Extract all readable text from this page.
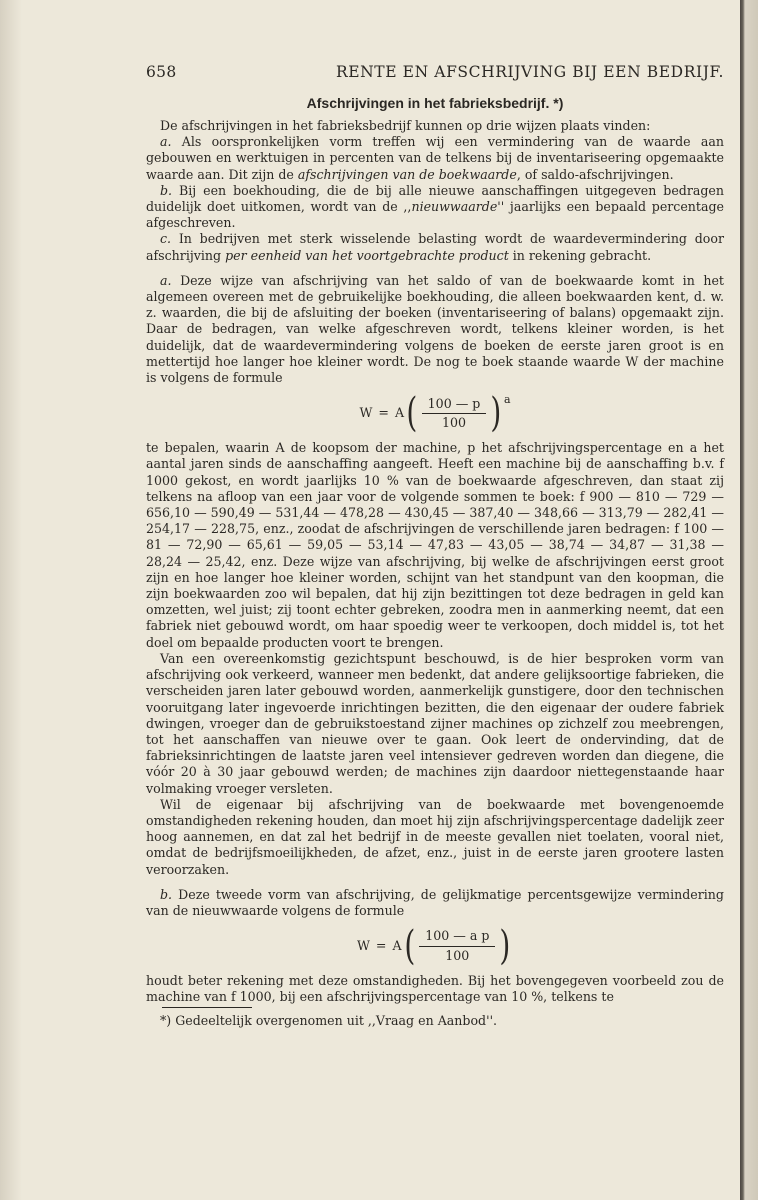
658	RENTE EN AFSCHRIJVING BIJ EEN BEDRIJF.
Afschrijvingen in het fabrieksbedrijf. *)

De afschrijvingen in het fabrieksbedrijf kunnen op drie wijzen plaats vinden:

a. Als oorspronkelijken vorm treffen wij een vermindering van de waarde aan gebouwen en werktuigen in percenten van de telkens bij de inventariseering opgemaakte waarde aan. Dit zijn de afschrijvingen van de boekwaarde, of saldo-afschrijvingen.

b. Bij een boekhouding, die de bij alle nieuwe aanschaffingen uitgegeven bedragen duidelijk doet uitkomen, wordt van de ,,nieuwwaarde'' jaarlijks een bepaald percentage afgeschreven.

c. In bedrijven met sterk wisselende belasting wordt de waardevermindering door afschrijving per eenheid van het voortgebrachte product in rekening gebracht.

a. Deze wijze van afschrijving van het saldo of van de boekwaarde komt in het algemeen overeen met de gebruikelijke boekhouding, die alleen boekwaarden kent, d. w. z. waarden, die bij de afsluiting der boeken (inventariseering of balans) opgemaakt zijn. Daar de bedragen, van welke afgeschreven wordt, telkens kleiner worden, is het duidelijk, dat de waardevermindering volgens de boeken de eerste jaren groot is en mettertijd hoe langer hoe kleiner wordt. De nog te boek staande waarde W der machine is volgens de formule

W = A ( $\frac{100 — p}{100}$ ) a

te bepalen, waarin A de koopsom der machine, p het afschrijvingspercentage en a het aantal jaren sinds de aanschaffing aangeeft. Heeft een machine bij de aanschaffing b.v. f 1000 gekost, en wordt jaarlijks 10 % van de boekwaarde afgeschreven, dan staat zij telkens na afloop van een jaar voor de volgende sommen te boek: f 900 — 810 — 729 — 656,10 — 590,49 — 531,44 — 478,28 — 430,45 — 387,40 — 348,66 — 313,79 — 282,41 — 254,17 — 228,75, enz., zoodat de afschrijvingen de verschillende jaren bedragen: f 100 — 81 — 72,90 — 65,61 — 59,05 — 53,14 — 47,83 — 43,05 — 38,74 — 34,87 — 31,38 — 28,24 — 25,42, enz. Deze wijze van afschrijving, bij welke de afschrijvingen eerst groot zijn en hoe langer hoe kleiner worden, schijnt van het standpunt van den koopman, die zijn boekwaarden zoo wil bepalen, dat hij zijn bezittingen tot deze bedragen in geld kan omzetten, wel juist; zij toont echter gebreken, zoodra men in aanmerking neemt, dat een fabriek niet gebouwd wordt, om haar spoedig weer te verkoopen, doch middel is, tot het doel om bepaalde producten voort te brengen.

Van een overeenkomstig gezichtspunt beschouwd, is de hier besproken vorm van afschrijving ook verkeerd, wanneer men bedenkt, dat andere gelijksoortige fabrieken, die verscheiden jaren later gebouwd worden, aanmerkelijk gunstigere, door den technischen vooruitgang later ingevoerde inrichtingen bezitten, die den eigenaar der oudere fabriek dwingen, vroeger dan de gebruikstoestand zijner machines op zichzelf zou meebrengen, tot het aanschaffen van nieuwe over te gaan. Ook leert de ondervinding, dat de fabrieksinrichtingen de laatste jaren veel intensiever gedreven worden dan diegene, die vóór 20 à 30 jaar gebouwd werden; de machines zijn daardoor niettegenstaande haar volmaking vroeger versleten.

Wil de eigenaar bij afschrijving van de boekwaarde met bovengenoemde omstandigheden rekening houden, dan moet hij zijn afschrijvingspercentage dadelijk zeer hoog aannemen, en dat zal het bedrijf in de meeste gevallen niet toelaten, vooral niet, omdat de bedrijfsmoeilijkheden, de afzet, enz., juist in de eerste jaren grootere lasten veroorzaken.

b. Deze tweede vorm van afschrijving, de gelijkmatige percentsgewijze vermindering van de nieuwwaarde volgens de formule

W = A ( $\frac{\text{100 — a p}}{100}$ )

houdt beter rekening met deze omstandigheden. Bij het bovengegeven voorbeeld zou de machine van f 1000, bij een afschrijvingspercentage van 10 %, telkens te

*) Gedeeltelijk overgenomen uit ,,Vraag en Aanbod''.
